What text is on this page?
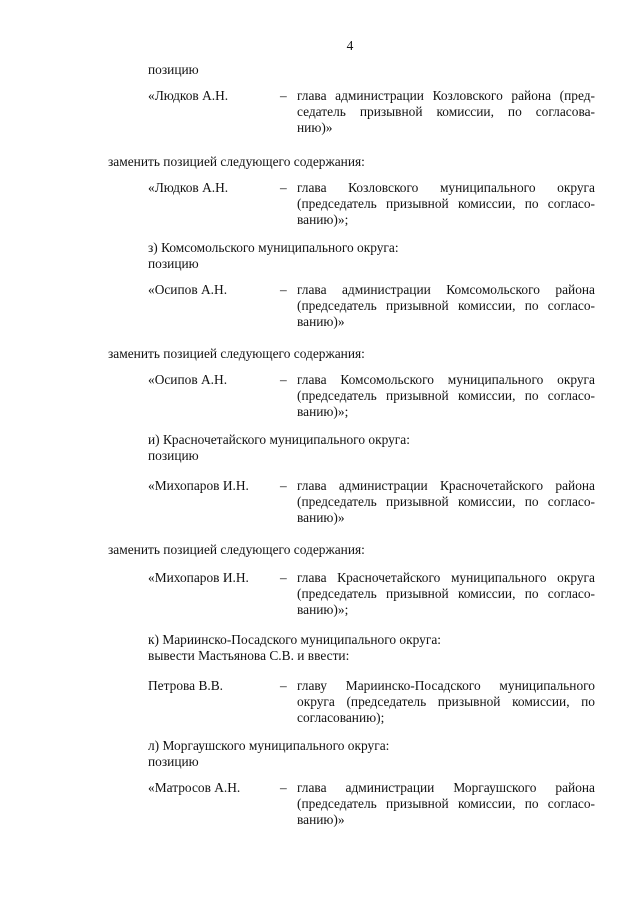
4
позицию
«Людков А.Н.	– глава администрации Козловского района (пред-
седатель призывной комиссии, по согласова-
нию)»
заменить позицией следующего содержания:
«Людков А.Н.	– глава Козловского муниципального округа
(председатель призывной комиссии, по согласо-
ванию)»;
з) Комсомольского муниципального округа:
позицию
«Осипов А.Н.	– глава администрации Комсомольского района
(председатель призывной комиссии, по согласо-
ванию)»
заменить позицией следующего содержания:
«Осипов А.Н.	– глава Комсомольского муниципального округа
(председатель призывной комиссии, по согласо-
ванию)»;
и) Красночетайского муниципального округа:
позицию
«Михопаров И.Н. – глава администрации Красночетайского района
(председатель призывной комиссии, по согласо-
ванию)»
заменить позицией следующего содержания:
«Михопаров И.Н. – глава Красночетайского муниципального округа
(председатель призывной комиссии, по согласо-
ванию)»;
к) Мариинско-Посадского муниципального округа:
вывести Мастьянова С.В. и ввести:
Петрова В.В.	– главу Мариинско-Посадского муниципального
округа (председатель призывной комиссии, по
согласованию);
л) Моргаушского муниципального округа:
позицию
«Матросов А.Н.	– глава администрации Моргаушского района
(председатель призывной комиссии, по согласо-
ванию)»
